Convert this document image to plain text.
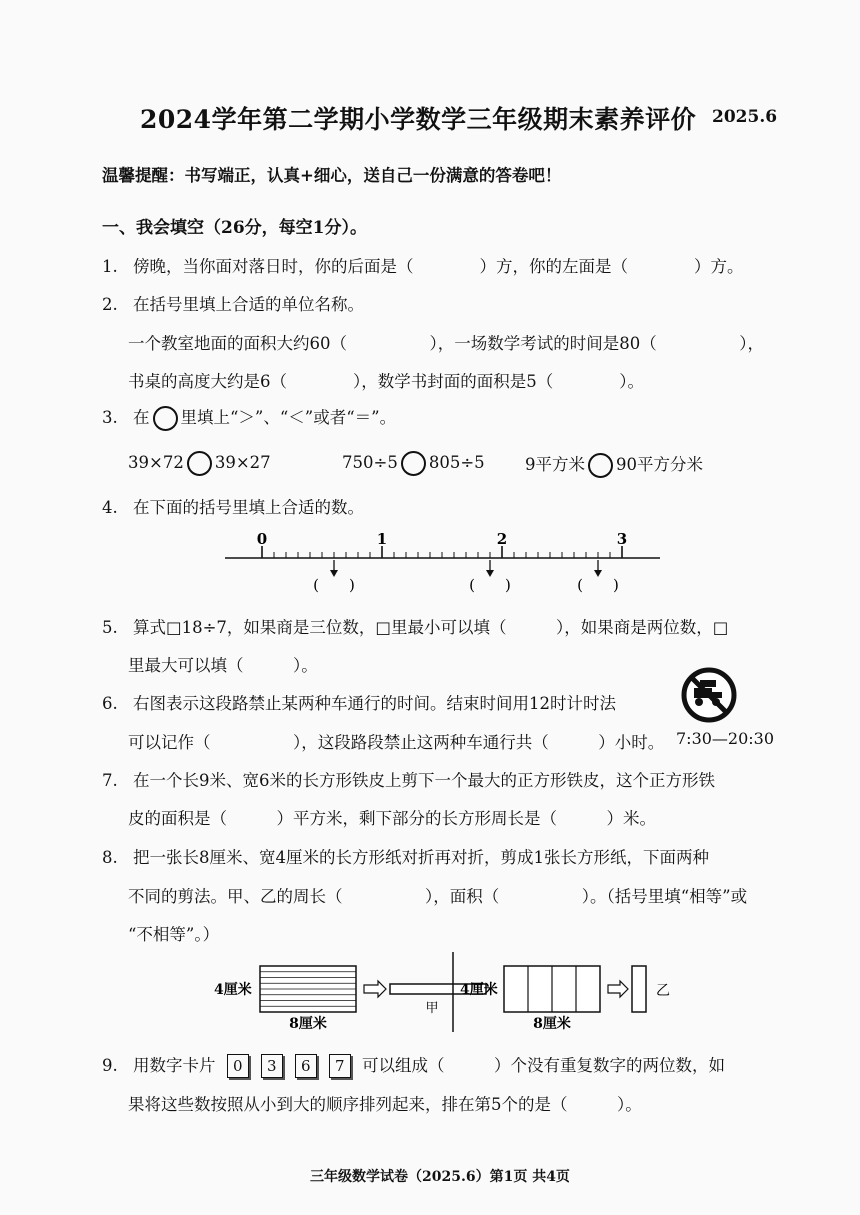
2024学年第二学期小学数学三年级期末素养评价 2025.6
温馨提醒：书写端正，认真+细心，送自己一份满意的答卷吧！
一、我会填空（26分，每空1分）。
1. 傍晚，当你面对落日时，你的后面是（　　　　）方，你的左面是（　　　　）方。
2. 在括号里填上合适的单位名称。
一个教室地面的面积大约60（　　　　　），一场数学考试的时间是80（　　　　　），
书桌的高度大约是6（　　　　），数学书封面的面积是5（　　　　）。
3. 在 里填上“＞”、“＜”或者“＝”。
39×72 39×27	750÷5 805÷5 9平方米 90平方分米
4. 在下面的括号里填上合适的数。
0	1	2	3
(　　)	(　　)	(　　)
5. 算式□18÷7，如果商是三位数，□里最小可以填（　　　），如果商是两位数，□
里最大可以填（　　　）。
6. 右图表示这段路禁止某两种车通行的时间。结束时间用12时计时法
可以记作（　　　　　），这段路段禁止这两种车通行共（　　　）小时。 7:30—20:30
7. 在一个长9米、宽6米的长方形铁皮上剪下一个最大的正方形铁皮，这个正方形铁
皮的面积是（　　　）平方米，剩下部分的长方形周长是（　　　）米。
8. 把一张长8厘米、宽4厘米的长方形纸对折再对折，剪成1张长方形纸，下面两种
不同的剪法。甲、乙的周长（　　　　　），面积（　　　　　）。（括号里填“相等”或
“不相等”。）
4厘米
8厘米
甲
4厘米
8厘米
乙
9. 用数字卡片 0 3 6 7 可以组成（　　　）个没有重复数字的两位数，如
果将这些数按照从小到大的顺序排列起来，排在第5个的是（　　　）。
三年级数学试卷（2025.6）第1页 共4页
